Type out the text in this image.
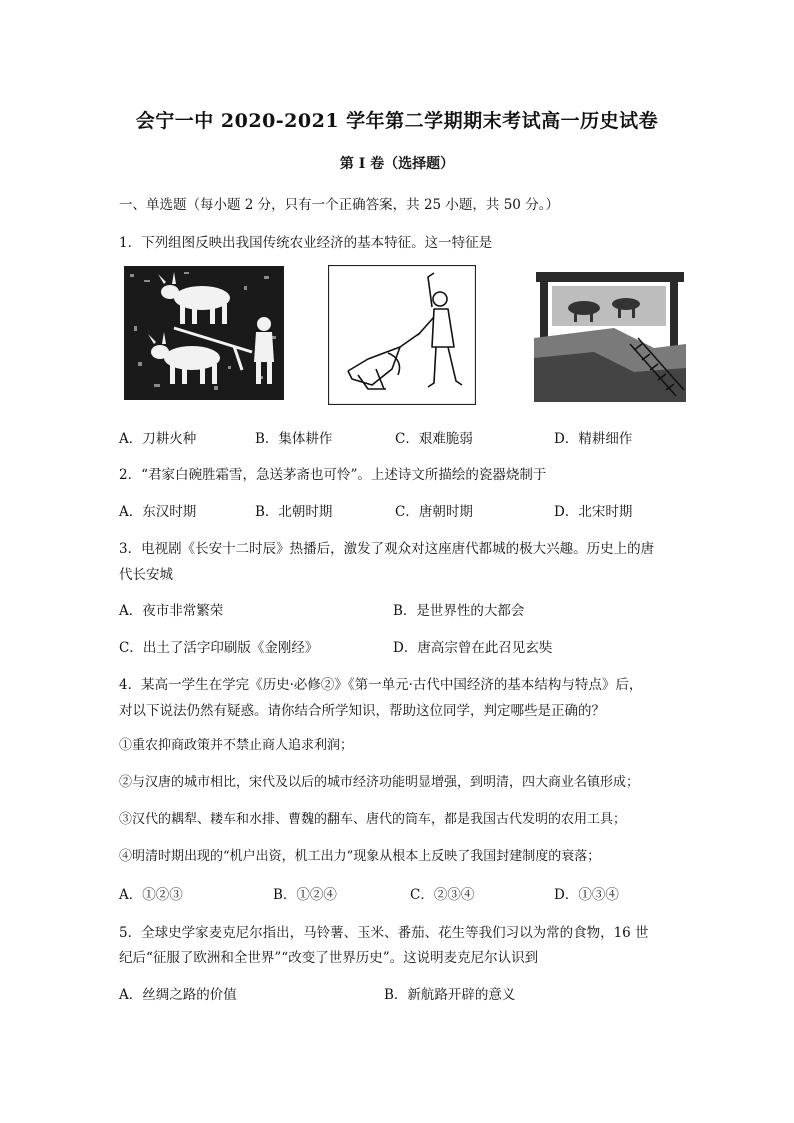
会宁一中 2020-2021 学年第二学期期末考试高一历史试卷
第 I 卷（选择题）
一、单选题（每小题 2 分，只有一个正确答案，共 25 小题，共 50 分。）
1．下列组图反映出我国传统农业经济的基本特征。这一特征是
A．刀耕火种	B．集体耕作	C．艰难脆弱	D．精耕细作
2．“君家白碗胜霜雪，急送茅斋也可怜”。上述诗文所描绘的瓷器烧制于
A．东汉时期	B．北朝时期	C．唐朝时期	D．北宋时期
3．电视剧《长安十二时辰》热播后，激发了观众对这座唐代都城的极大兴趣。历史上的唐
代长安城
A．夜市非常繁荣	B．是世界性的大都会
C．出土了活字印刷版《金刚经》	D．唐高宗曾在此召见玄奘
4．某高一学生在学完《历史·必修②》《第一单元·古代中国经济的基本结构与特点》后，
对以下说法仍然有疑惑。请你结合所学知识，帮助这位同学，判定哪些是正确的？
①重农抑商政策并不禁止商人追求利润；
②与汉唐的城市相比，宋代及以后的城市经济功能明显增强，到明清，四大商业名镇形成；
③汉代的耦犁、耧车和水排、曹魏的翻车、唐代的筒车，都是我国古代发明的农用工具；
④明清时期出现的“机户出资，机工出力”现象从根本上反映了我国封建制度的衰落；
A．①②③	B．①②④	C．②③④	D．①③④
5．全球史学家麦克尼尔指出，马铃薯、玉米、番茄、花生等我们习以为常的食物，16 世
纪后“征服了欧洲和全世界”“改变了世界历史”。这说明麦克尼尔认识到
A．丝绸之路的价值	B．新航路开辟的意义
